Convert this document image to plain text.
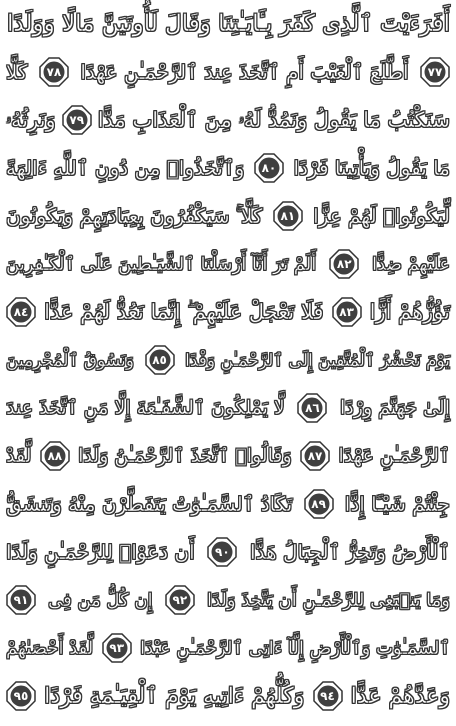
أَفَرَءَيْتَ ٱلَّذِى كَفَرَ بِـَٔايَـٰتِنَا وَقَالَ لَأُوتَيَنَّ مَالًا وَوَلَدًا
٧٧
أَطَّلَعَ ٱلْغَيْبَ أَمِ ٱتَّخَذَ عِندَ ٱلرَّحْمَـٰنِ عَهْدًا
٧٨
كَلَّا
سَنَكْتُبُ مَا يَقُولُ وَنَمُدُّ لَهُۥ مِنَ ٱلْعَذَابِ مَدًّا
٧٩
وَنَرِثُهُۥ
مَا يَقُولُ وَيَأْتِينَا فَرْدًا
٨٠
وَٱتَّخَذُوا۟ مِن دُونِ ٱللَّهِ ءَالِهَةً
لِّيَكُونُوا۟ لَهُمْ عِزًّا
٨١
كَلَّا ۚ سَيَكْفُرُونَ بِعِبَادَتِهِمْ وَيَكُونُونَ
عَلَيْهِمْ ضِدًّا
٨٢
أَلَمْ تَرَ أَنَّآ أَرْسَلْنَا ٱلشَّيَـٰطِينَ عَلَى ٱلْكَـٰفِرِينَ
تَؤُزُّهُمْ أَزًّا
٨٣
فَلَا تَعْجَلْ عَلَيْهِمْ ۖ إِنَّمَا نَعُدُّ لَهُمْ عَدًّا
٨٤
يَوْمَ نَحْشُرُ ٱلْمُتَّقِينَ إِلَى ٱلرَّحْمَـٰنِ وَفْدًا
٨٥
وَنَسُوقُ ٱلْمُجْرِمِينَ
إِلَىٰ جَهَنَّمَ وِرْدًا
٨٦
لَّا يَمْلِكُونَ ٱلشَّفَـٰعَةَ إِلَّا مَنِ ٱتَّخَذَ عِندَ
ٱلرَّحْمَـٰنِ عَهْدًا
٨٧
وَقَالُوا۟ ٱتَّخَذَ ٱلرَّحْمَـٰنُ وَلَدًا
٨٨
لَّقَدْ
جِئْتُمْ شَيْـًٔا إِدًّا
٨٩
تَكَادُ ٱلسَّمَـٰوَٰتُ يَتَفَطَّرْنَ مِنْهُ وَتَنشَقُّ
ٱلْأَرْضُ وَتَخِرُّ ٱلْجِبَالُ هَدًّا
٩٠
أَن دَعَوْا۟ لِلرَّحْمَـٰنِ وَلَدًا
وَمَا يَنۢبَغِى لِلرَّحْمَـٰنِ أَن يَتَّخِذَ وَلَدًا
٩٢
إِن كُلُّ مَن فِى
٩١
ٱلسَّمَـٰوَٰتِ وَٱلْأَرْضِ إِلَّآ ءَاتِى ٱلرَّحْمَـٰنِ عَبْدًا
٩٣
لَّقَدْ أَحْصَىٰهُمْ
وَعَدَّهُمْ عَدًّا
٩٤
وَكُلُّهُمْ ءَاتِيهِ يَوْمَ ٱلْقِيَـٰمَةِ فَرْدًا
٩٥
